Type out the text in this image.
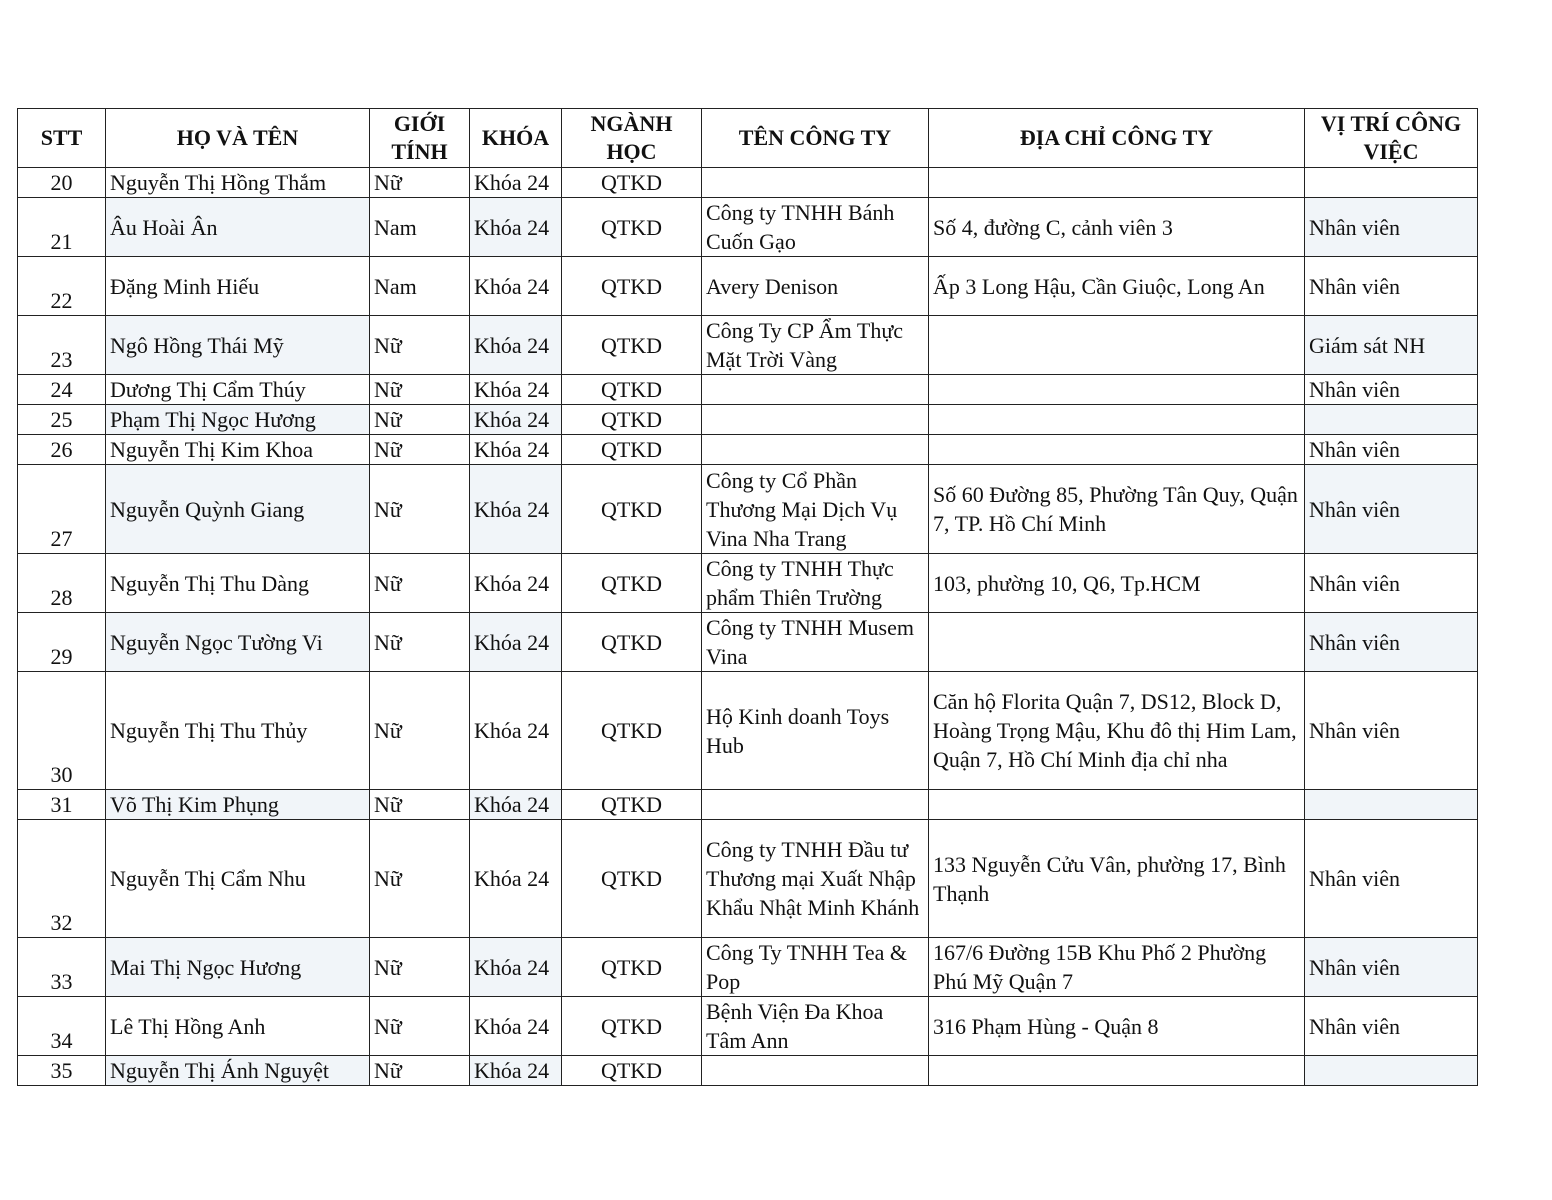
STT	HỌ VÀ TÊN	GIỚI TÍNH	KHÓA	NGÀNH HỌC	TÊN CÔNG TY	ĐỊA CHỈ CÔNG TY	VỊ TRÍ CÔNG VIỆC
20	Nguyễn Thị Hồng Thắm	Nữ	Khóa 24	QTKD			
21	Âu Hoài Ân	Nam	Khóa 24	QTKD	Công ty TNHH Bánh Cuốn Gạo	Số 4, đường C, cảnh viên 3	Nhân viên
22	Đặng Minh Hiếu	Nam	Khóa 24	QTKD	Avery Denison	Ấp 3 Long Hậu, Cần Giuộc, Long An	Nhân viên
23	Ngô Hồng Thái Mỹ	Nữ	Khóa 24	QTKD	Công Ty CP Ẩm Thực Mặt Trời Vàng		Giám sát NH
24	Dương Thị Cẩm Thúy	Nữ	Khóa 24	QTKD			Nhân viên
25	Phạm Thị Ngọc Hương	Nữ	Khóa 24	QTKD			
26	Nguyễn Thị Kim Khoa	Nữ	Khóa 24	QTKD			Nhân viên
27	Nguyễn Quỳnh Giang	Nữ	Khóa 24	QTKD	Công ty Cổ Phần Thương Mại Dịch Vụ Vina Nha Trang	Số 60 Đường 85, Phường Tân Quy, Quận 7, TP. Hồ Chí Minh	Nhân viên
28	Nguyễn Thị Thu Dàng	Nữ	Khóa 24	QTKD	Công ty TNHH Thực phẩm Thiên Trường	103, phường 10, Q6, Tp.HCM	Nhân viên
29	Nguyễn Ngọc Tường Vi	Nữ	Khóa 24	QTKD	Công ty TNHH Musem Vina		Nhân viên
30	Nguyễn Thị Thu Thủy	Nữ	Khóa 24	QTKD	Hộ Kinh doanh Toys Hub	Căn hộ Florita Quận 7, DS12, Block D, Hoàng Trọng Mậu, Khu đô thị Him Lam, Quận 7, Hồ Chí Minh địa chỉ nha	Nhân viên
31	Võ Thị Kim Phụng	Nữ	Khóa 24	QTKD			
32	Nguyễn Thị Cẩm Nhu	Nữ	Khóa 24	QTKD	Công ty TNHH Đầu tư Thương mại Xuất Nhập Khẩu Nhật Minh Khánh	133 Nguyễn Cửu Vân, phường 17, Bình Thạnh	Nhân viên
33	Mai Thị Ngọc Hương	Nữ	Khóa 24	QTKD	Công Ty TNHH Tea & Pop	167/6 Đường 15B Khu Phố 2 Phường Phú Mỹ Quận 7	Nhân viên
34	Lê Thị Hồng Anh	Nữ	Khóa 24	QTKD	Bệnh Viện Đa Khoa Tâm Ann	316 Phạm Hùng - Quận 8	Nhân viên
35	Nguyễn Thị Ánh Nguyệt	Nữ	Khóa 24	QTKD			
